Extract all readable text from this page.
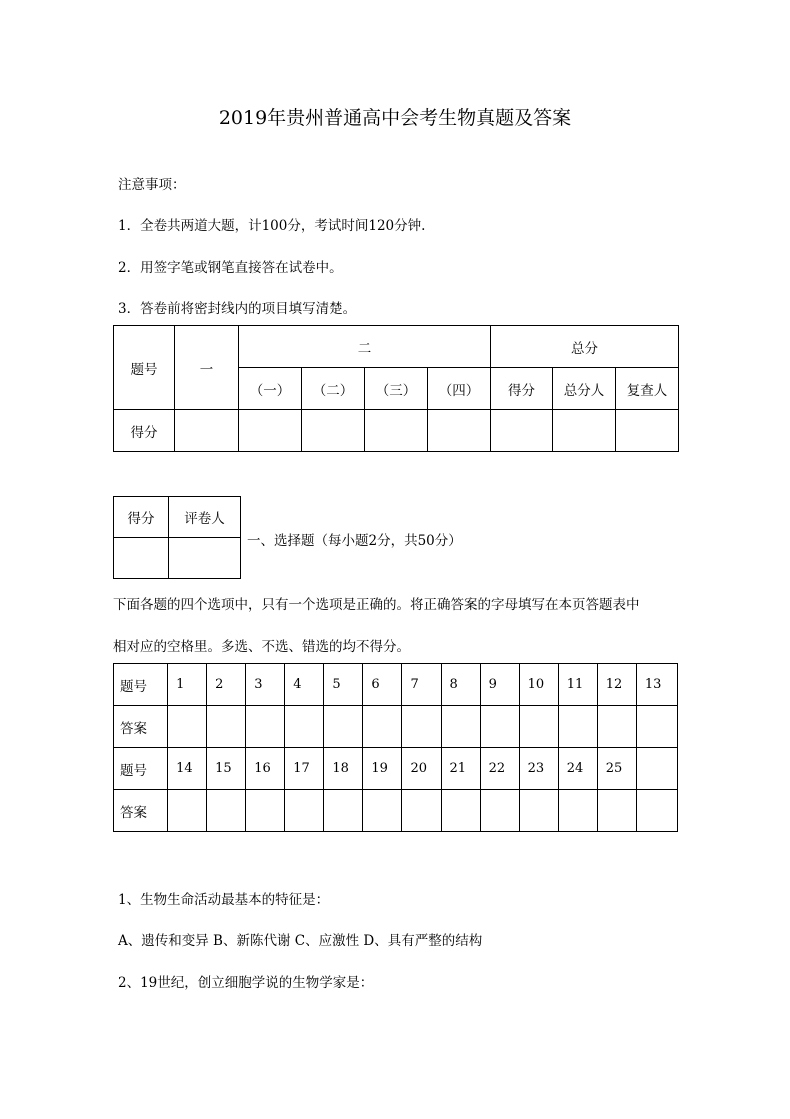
2019年贵州普通高中会考生物真题及答案
注意事项：
1．全卷共两道大题，计100分，考试时间120分钟.
2．用签字笔或钢笔直接答在试卷中。
3．答卷前将密封线内的项目填写清楚。
题号	一	二				总分		
		（一）	（二）	（三）	（四）	得分	总分人	复查人
得分								
得分	评卷人

一、选择题（每小题2分，共50分）
下面各题的四个选项中，只有一个选项是正确的。将正确答案的字母填写在本页答题表中
相对应的空格里。多选、不选、错选的均不得分。
题号	1	2	3	4	5	6	7	8	9	10	11	12	13
答案													
题号	14	15	16	17	18	19	20	21	22	23	24	25	
答案													
1、生物生命活动最基本的特征是：
A、遗传和变异 B、新陈代谢 C、应激性 D、具有严整的结构
2、19世纪，创立细胞学说的生物学家是：
